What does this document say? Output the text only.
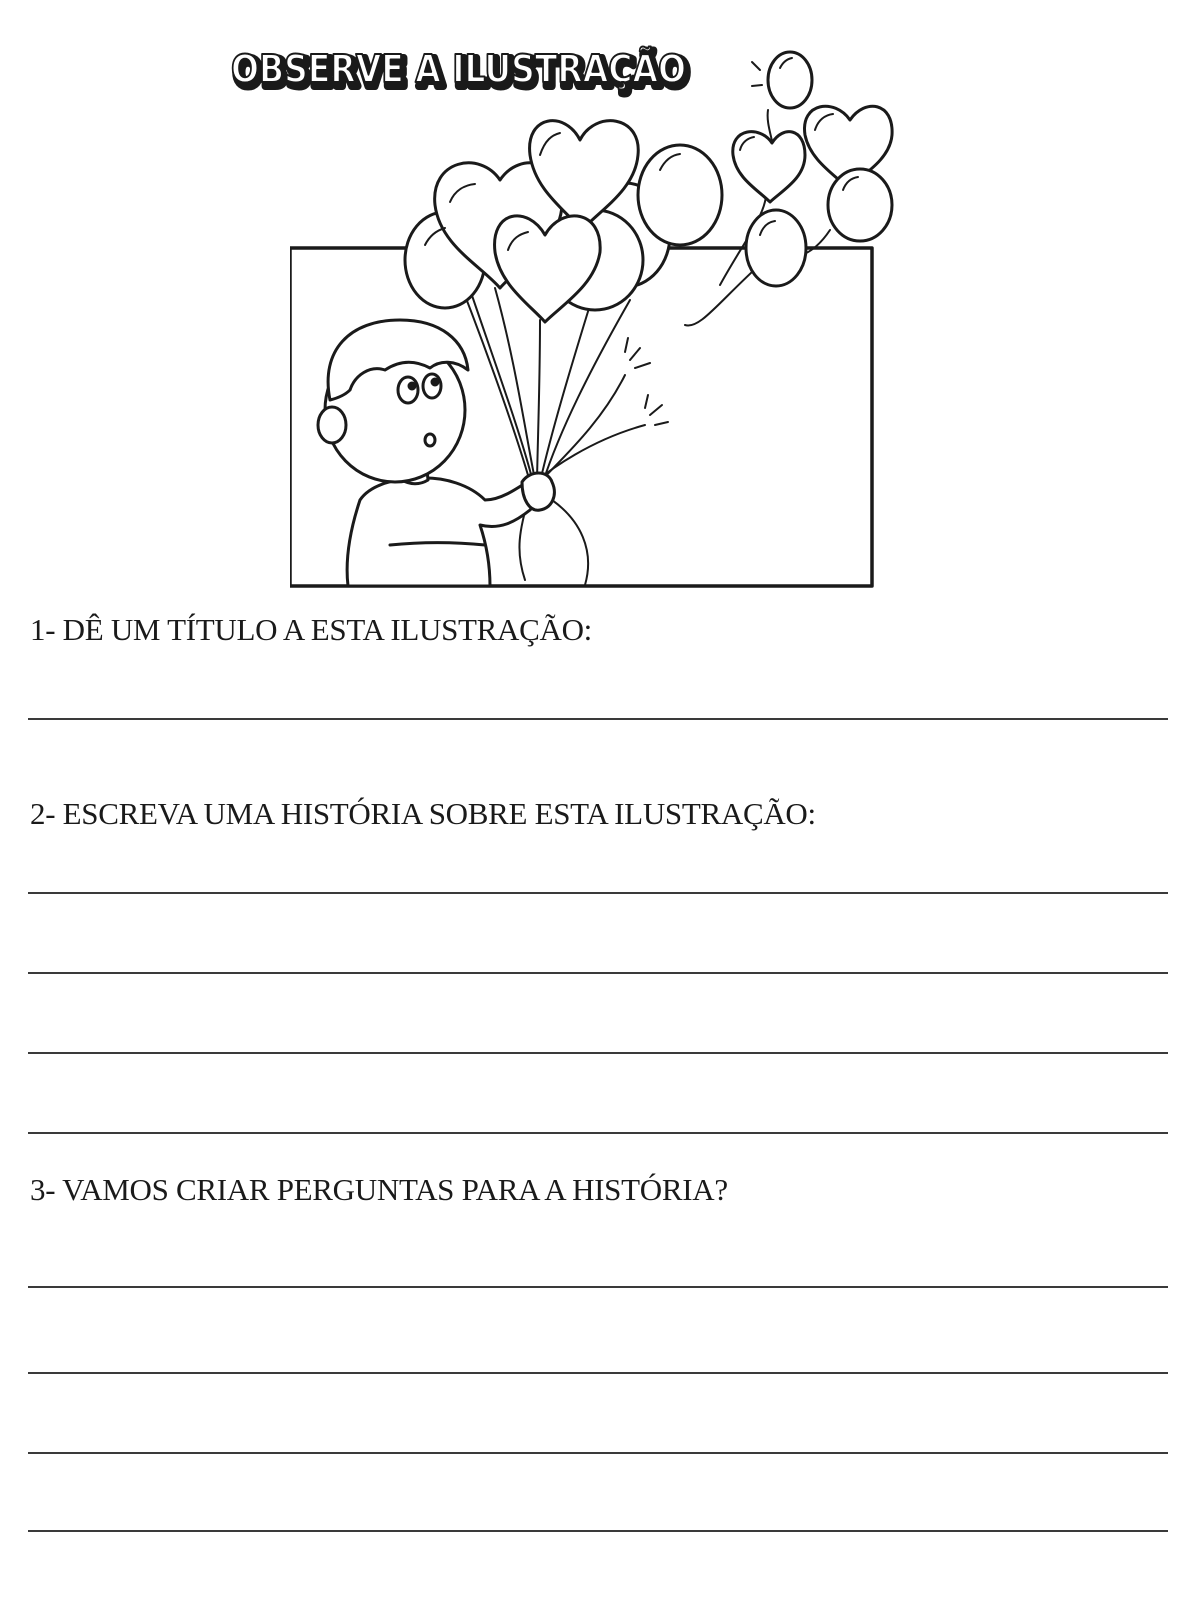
OBSERVE A ILUSTRAÇÃO
OBSERVE A ILUSTRAÇÃO
1- DÊ UM TÍTULO A ESTA ILUSTRAÇÃO:
2- ESCREVA UMA HISTÓRIA SOBRE ESTA ILUSTRAÇÃO:
3- VAMOS CRIAR PERGUNTAS PARA A HISTÓRIA?
